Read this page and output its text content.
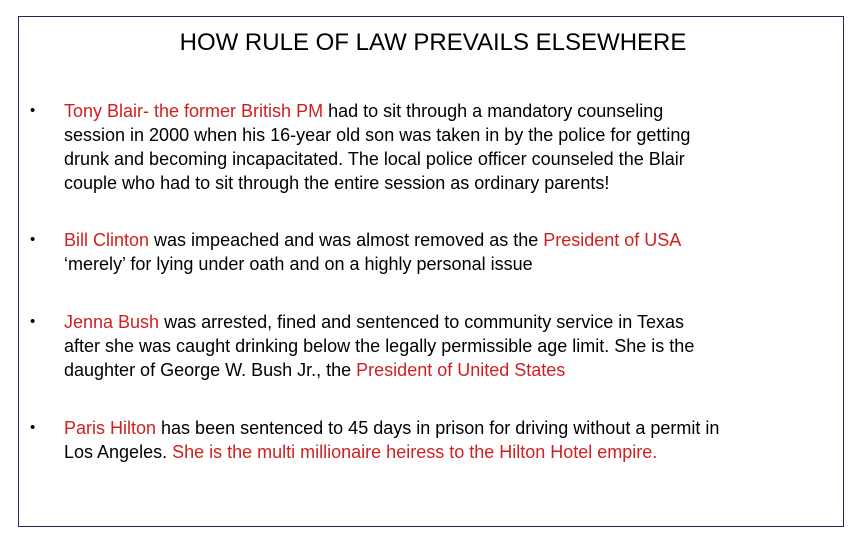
HOW RULE OF LAW PREVAILS ELSEWHERE
• Tony Blair- the former British PM had to sit through a mandatory counseling
session in 2000 when his 16-year old son was taken in by the police for getting
drunk and becoming incapacitated. The local police officer counseled the Blair
couple who had to sit through the entire session as ordinary parents!

• Bill Clinton was impeached and was almost removed as the President of USA
‘merely’ for lying under oath and on a highly personal issue

• Jenna Bush was arrested, fined and sentenced to community service in Texas
after she was caught drinking below the legally permissible age limit. She is the
daughter of George W. Bush Jr., the President of United States

• Paris Hilton has been sentenced to 45 days in prison for driving without a permit in
Los Angeles. She is the multi millionaire heiress to the Hilton Hotel empire.
